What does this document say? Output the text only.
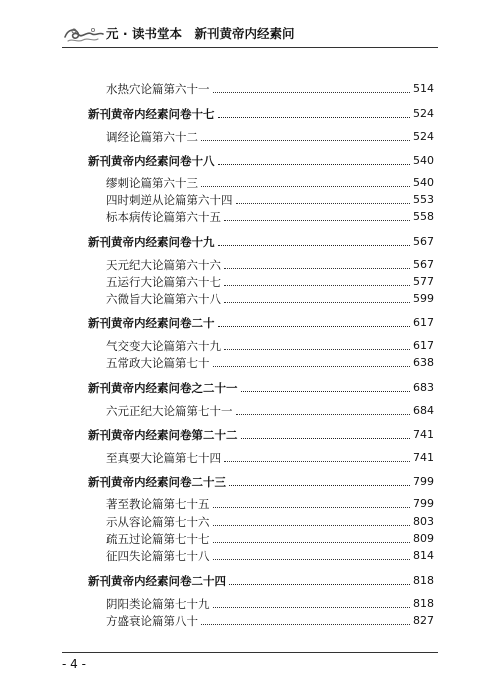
元 · 读书堂本　新刊黄帝内经素问
水热穴论篇第六十一	514
新刊黄帝内经素问卷十七	524
调经论篇第六十二	524
新刊黄帝内经素问卷十八	540
缪刺论篇第六十三	540
四时刺逆从论篇第六十四	553
标本病传论篇第六十五	558
新刊黄帝内经素问卷十九	567
天元纪大论篇第六十六	567
五运行大论篇第六十七	577
六微旨大论篇第六十八	599
新刊黄帝内经素问卷二十	617
气交变大论篇第六十九	617
五常政大论篇第七十	638
新刊黄帝内经素问卷之二十一	683
六元正纪大论篇第七十一	684
新刊黄帝内经素问卷第二十二	741
至真要大论篇第七十四	741
新刊黄帝内经素问卷二十三	799
著至教论篇第七十五	799
示从容论篇第七十六	803
疏五过论篇第七十七	809
征四失论篇第七十八	814
新刊黄帝内经素问卷二十四	818
阴阳类论篇第七十九	818
方盛衰论篇第八十	827
- 4 -
